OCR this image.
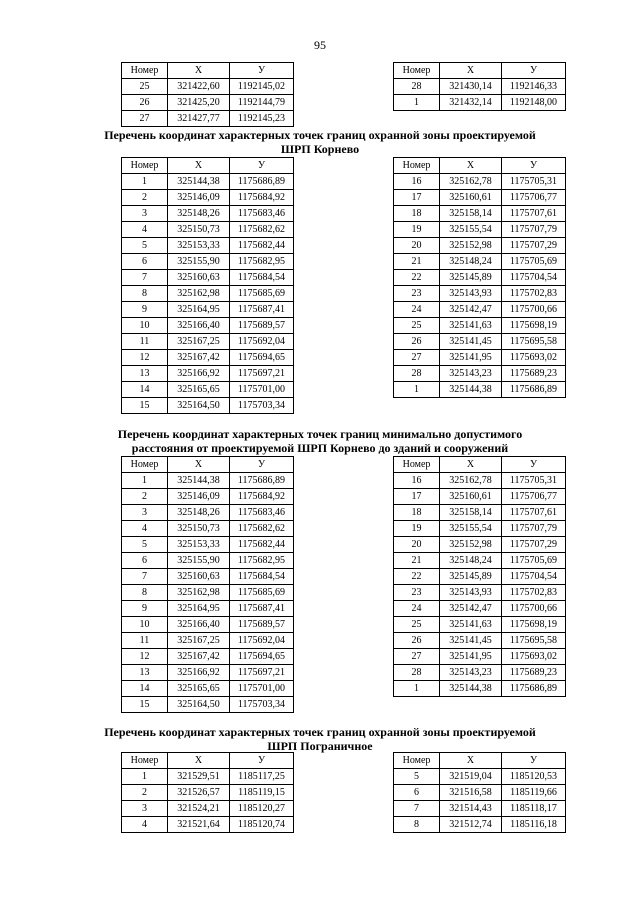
95
Номер	X	У
25	321422,60	1192145,02
26	321425,20	1192144,79
27	321427,77	1192145,23
Номер	X	У
28	321430,14	1192146,33
1	321432,14	1192148,00
Перечень координат характерных точек границ охранной зоны проектируемой
ШРП Корнево
Номер	X	У
1	325144,38	1175686,89
2	325146,09	1175684,92
3	325148,26	1175683,46
4	325150,73	1175682,62
5	325153,33	1175682,44
6	325155,90	1175682,95
7	325160,63	1175684,54
8	325162,98	1175685,69
9	325164,95	1175687,41
10	325166,40	1175689,57
11	325167,25	1175692,04
12	325167,42	1175694,65
13	325166,92	1175697,21
14	325165,65	1175701,00
15	325164,50	1175703,34
Номер	X	У
16	325162,78	1175705,31
17	325160,61	1175706,77
18	325158,14	1175707,61
19	325155,54	1175707,79
20	325152,98	1175707,29
21	325148,24	1175705,69
22	325145,89	1175704,54
23	325143,93	1175702,83
24	325142,47	1175700,66
25	325141,63	1175698,19
26	325141,45	1175695,58
27	325141,95	1175693,02
28	325143,23	1175689,23
1	325144,38	1175686,89
Перечень координат характерных точек границ минимально допустимого
расстояния от проектируемой ШРП Корнево до зданий и сооружений
Номер	X	У
1	325144,38	1175686,89
2	325146,09	1175684,92
3	325148,26	1175683,46
4	325150,73	1175682,62
5	325153,33	1175682,44
6	325155,90	1175682,95
7	325160,63	1175684,54
8	325162,98	1175685,69
9	325164,95	1175687,41
10	325166,40	1175689,57
11	325167,25	1175692,04
12	325167,42	1175694,65
13	325166,92	1175697,21
14	325165,65	1175701,00
15	325164,50	1175703,34
Номер	X	У
16	325162,78	1175705,31
17	325160,61	1175706,77
18	325158,14	1175707,61
19	325155,54	1175707,79
20	325152,98	1175707,29
21	325148,24	1175705,69
22	325145,89	1175704,54
23	325143,93	1175702,83
24	325142,47	1175700,66
25	325141,63	1175698,19
26	325141,45	1175695,58
27	325141,95	1175693,02
28	325143,23	1175689,23
1	325144,38	1175686,89
Перечень координат характерных точек границ охранной зоны проектируемой
ШРП Пограничное
Номер	X	У
1	321529,51	1185117,25
2	321526,57	1185119,15
3	321524,21	1185120,27
4	321521,64	1185120,74
Номер	X	У
5	321519,04	1185120,53
6	321516,58	1185119,66
7	321514,43	1185118,17
8	321512,74	1185116,18
